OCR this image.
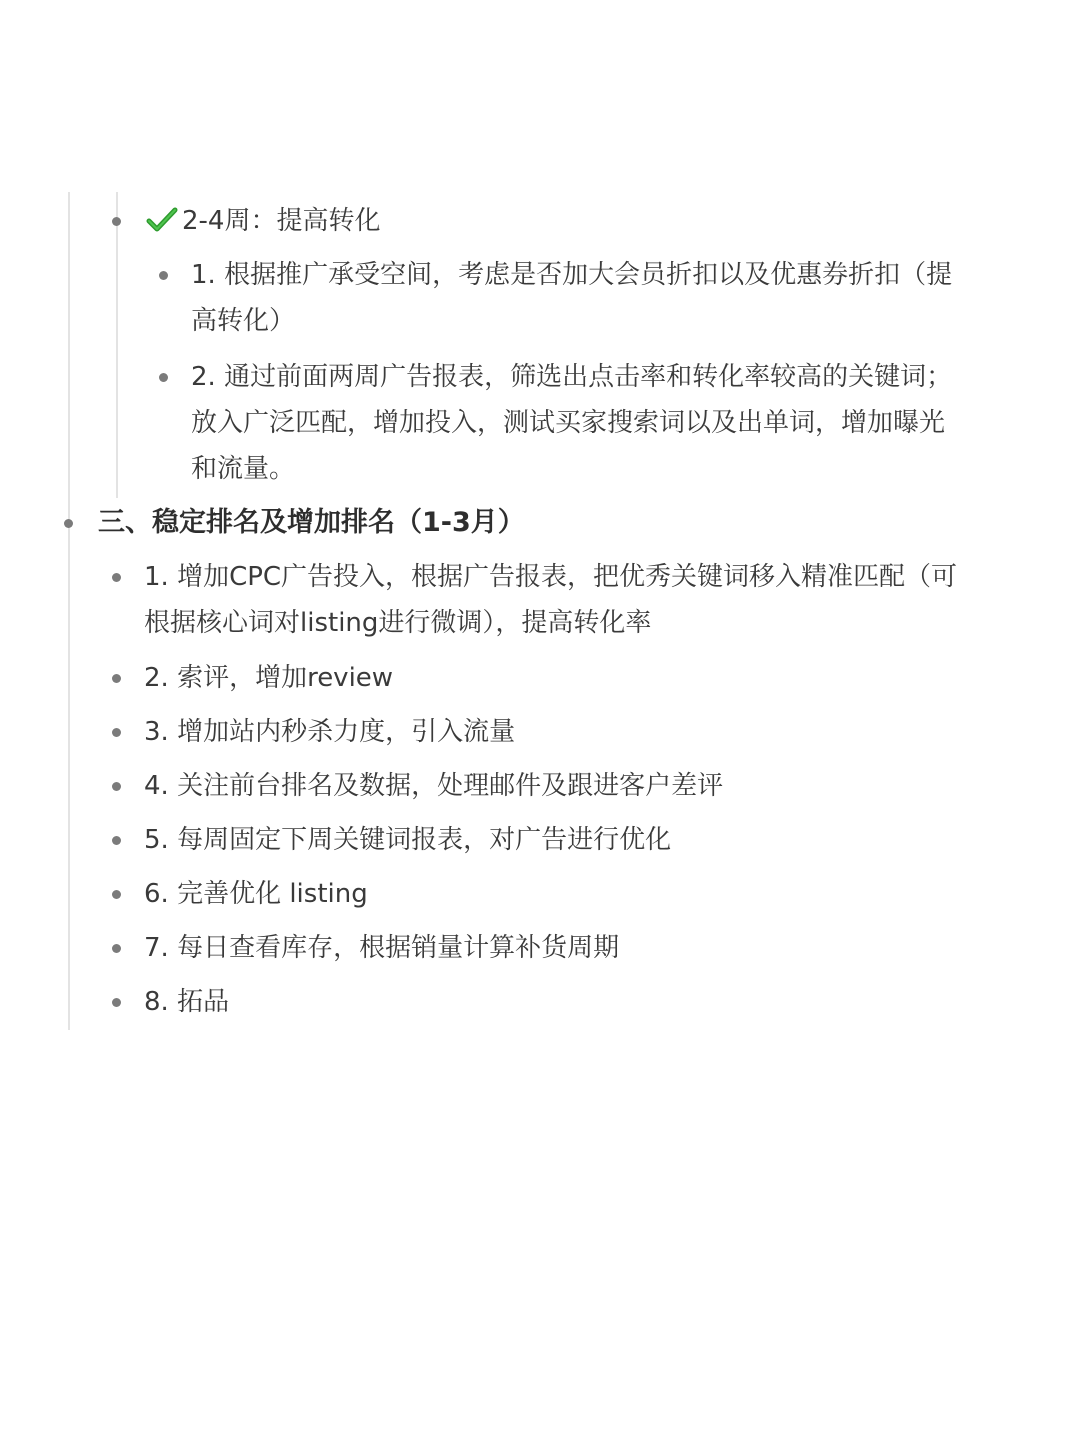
2-4周：提高转化
1. 根据推广承受空间，考虑是否加大会员折扣以及优惠券折扣（提
高转化）
2. 通过前面两周广告报表，筛选出点击率和转化率较高的关键词；
放入广泛匹配，增加投入，测试买家搜索词以及出单词，增加曝光
和流量。
三、稳定排名及增加排名（1-3月）
1. 增加CPC广告投入，根据广告报表，把优秀关键词移入精准匹配（可
根据核心词对listing进行微调），提高转化率
2. 索评，增加review
3. 增加站内秒杀力度，引入流量
4. 关注前台排名及数据，处理邮件及跟进客户差评
5. 每周固定下周关键词报表，对广告进行优化
6. 完善优化 listing
7. 每日查看库存，根据销量计算补货周期
8. 拓品
